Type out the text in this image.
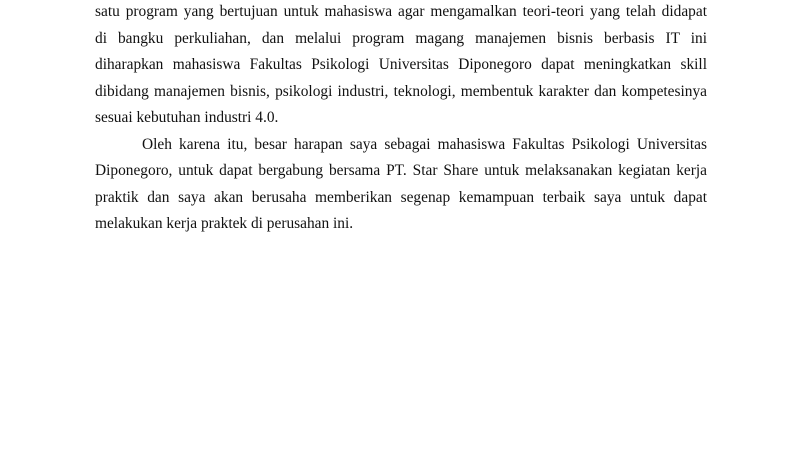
satu program yang bertujuan untuk mahasiswa agar mengamalkan teori-teori yang telah didapat
di bangku perkuliahan, dan melalui program magang manajemen bisnis berbasis IT ini
diharapkan mahasiswa Fakultas Psikologi Universitas Diponegoro dapat meningkatkan skill
dibidang manajemen bisnis, psikologi industri, teknologi, membentuk karakter dan kompetesinya
sesuai kebutuhan industri 4.0.
Oleh karena itu, besar harapan saya sebagai mahasiswa Fakultas Psikologi Universitas
Diponegoro, untuk dapat bergabung bersama PT. Star Share untuk melaksanakan kegiatan kerja
praktik dan saya akan berusaha memberikan segenap kemampuan terbaik saya untuk dapat
melakukan kerja praktek di perusahan ini.
